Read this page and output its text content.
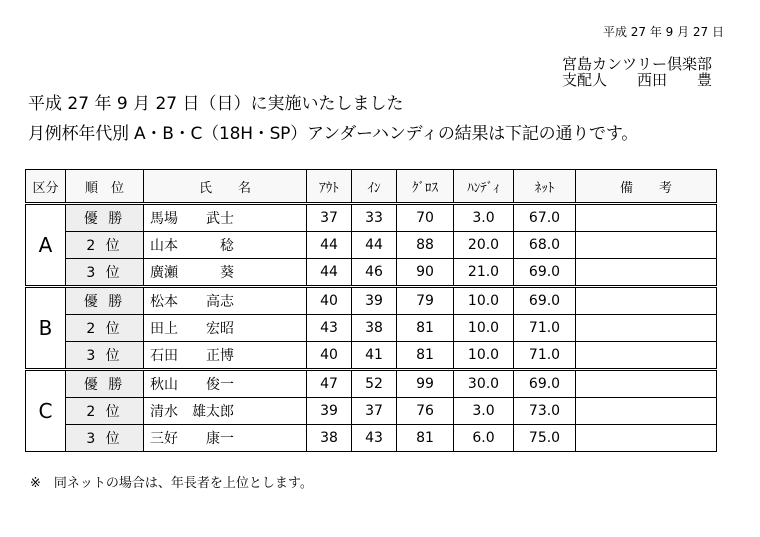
平成 27 年 9 月 27 日
宮島カンツリー倶楽部
支配人　　西田　　豊
平成 27 年 9 月 27 日（日）に実施いたしました
月例杯年代別 A・B・C（18H・SP）アンダーハンディの結果は下記の通りです。
区分	順　位	氏　　名	ｱｳﾄ	ｲﾝ	ｸﾞﾛｽ	ﾊﾝﾃﾞｨ	ﾈｯﾄ	備　　考
A	優 勝	馬場　　武士	37	33	70	3.0	67.0	
	2 位	山本　　　稔	44	44	88	20.0	68.0	
	3 位	廣瀬　　　葵	44	46	90	21.0	69.0	
B	優 勝	松本　　高志	40	39	79	10.0	69.0	
	2 位	田上　　宏昭	43	38	81	10.0	71.0	
	3 位	石田　　正博	40	41	81	10.0	71.0	
C	優 勝	秋山　　俊一	47	52	99	30.0	69.0	
	2 位	清水　雄太郎	39	37	76	3.0	73.0	
	3 位	三好　　康一	38	43	81	6.0	75.0	
※　同ネットの場合は、年長者を上位とします。
